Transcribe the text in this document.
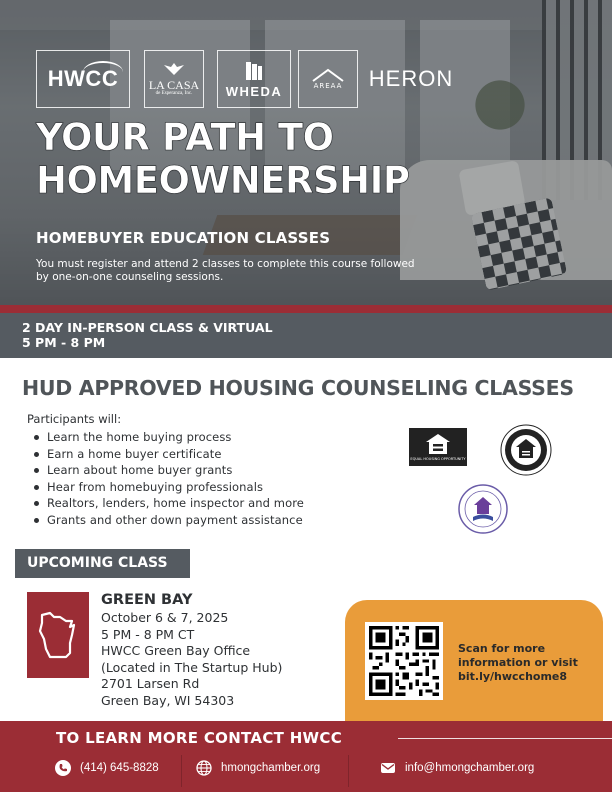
HWCC	LA CASA
de Esperanza, Inc.	WHEDA	AREAA HERON
YOUR PATH TO
HOMEOWNERSHIP
HOMEBUYER EDUCATION CLASSES
You must register and attend 2 classes to complete this course followed by one-on-one counseling sessions.
2 DAY IN-PERSON CLASS & VIRTUAL
5 PM - 8 PM
HUD APPROVED HOUSING COUNSELING CLASSES
Participants will:
Learn the home buying process
Earn a home buyer certificate
Learn about home buyer grants
Hear from homebuying professionals
Realtors, lenders, home inspector and more
Grants and other down payment assistance
EQUAL HOUSING OPPORTUNITY
UPCOMING CLASS
GREEN BAY
October 6 & 7, 2025
5 PM - 8 PM CT
HWCC Green Bay Office
(Located in The Startup Hub)
2701 Larsen Rd
Green Bay, WI 54303
Scan for more information or visit bit.ly/hwcchome8
TO LEARN MORE CONTACT HWCC
(414) 645-8828	hmongchamber.org	info@hmongchamber.org
